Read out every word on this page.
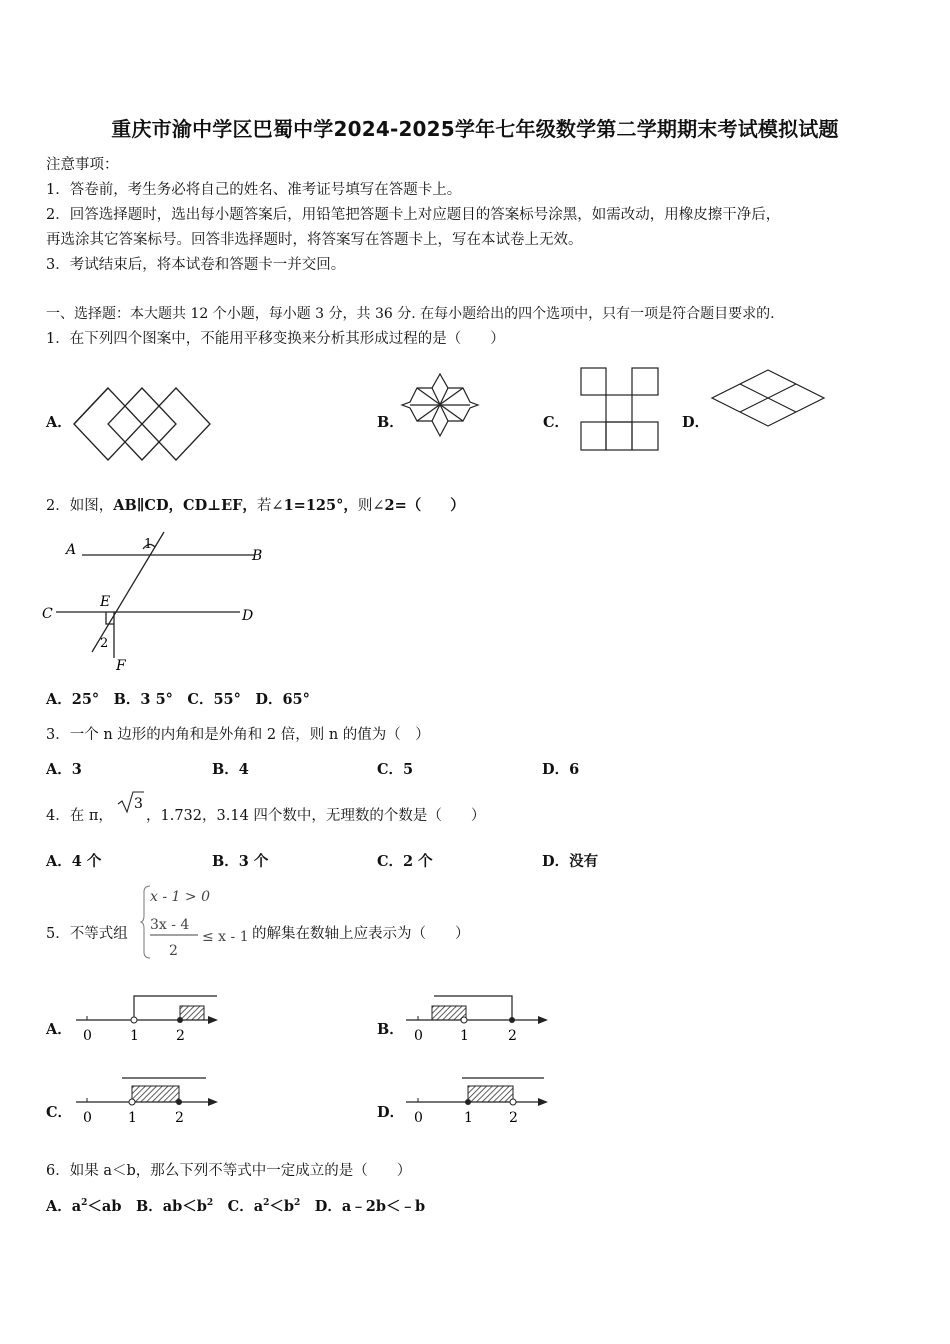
重庆市渝中学区巴蜀中学2024-2025学年七年级数学第二学期期末考试模拟试题
注意事项：
1．答卷前，考生务必将自己的姓名、准考证号填写在答题卡上。
2．回答选择题时，选出每小题答案后，用铅笔把答题卡上对应题目的答案标号涂黑，如需改动，用橡皮擦干净后，
再选涂其它答案标号。回答非选择题时，将答案写在答题卡上，写在本试卷上无效。
3．考试结束后，将本试卷和答题卡一并交回。
一、选择题：本大题共 12 个小题，每小题 3 分，共 36 分. 在每小题给出的四个选项中，只有一项是符合题目要求的.
1．在下列四个图案中，不能用平移变换来分析其形成过程的是（　　）
A．	B．	C．	D．
2．如图，AB∥CD，CD⊥EF，若∠1=125°，则∠2=（　　）
A	B
C	D
E
F
1
2
A．25°　B．3 5°　C．55°　D．65°
3．一个 n 边形的内角和是外角和 2 倍，则 n 的值为（　）
A．3	B．4	C．5	D．6
4．在 π，
3
，1.732，3.14 四个数中，无理数的个数是（　　）
A．4 个	B．3 个	C．2 个	D．没有
5．不等式组
x - 1 > 0
3x - 4
2
≤ x - 1 的解集在数轴上应表示为（　　）
A． 0	1	2	B． 0	1	2
C． 0	1	2	D． 0	1	2
6．如果 a＜b，那么下列不等式中一定成立的是（　　）
A．$a^2<ab$　 B．$ab<b^2$　 C．$a^2<b^2$　 D．a﹣2b＜﹣b
